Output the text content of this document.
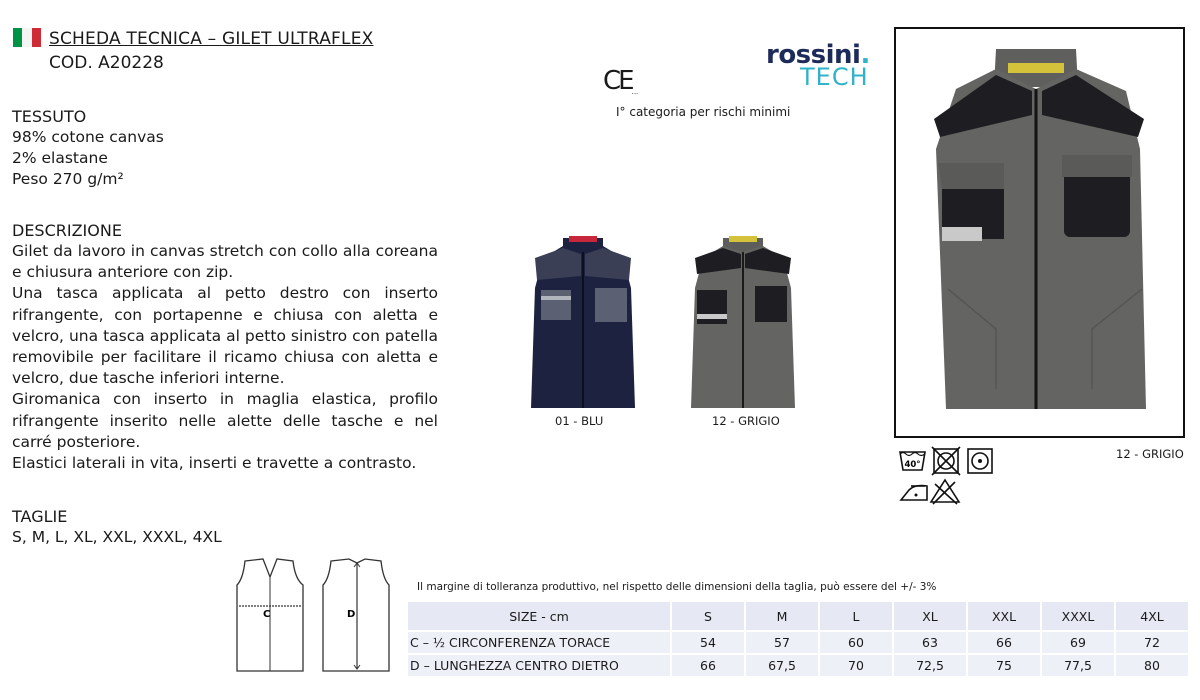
SCHEDA TECNICA – GILET ULTRAFLEX
COD. A20228
TESSUTO
98% cotone canvas
2% elastane
Peso 270 g/m²
DESCRIZIONE

Gilet da lavoro in canvas stretch con collo alla coreana e chiusura anteriore con zip.

Una tasca applicata al petto destro con inserto rifrangente, con portapenne e chiusa con aletta e velcro, una tasca applicata al petto sinistro con patella removibile per facilitare il ricamo chiusa con aletta e velcro, due tasche inferiori interne.

Giromanica con inserto in maglia elastica, profilo rifrangente inserito nelle alette delle tasche e nel carré posteriore.

Elastici laterali in vita, inserti e travette a contrasto.

TAGLIE
S, M, L, XL, XXL, XXXL, 4XL
CE...
I° categoria per rischi minimi
rossini.
TECH
01 - BLU	12 - GRIGIO
12 - GRIGIO
40°
C	D
Il margine di tolleranza produttivo, nel rispetto delle dimensioni della taglia, può essere del +/- 3%
SIZE - cm	S	M	L	XL	XXL	XXXL	4XL
C – ½ CIRCONFERENZA TORACE	54	57	60	63	66	69	72
D – LUNGHEZZA CENTRO DIETRO	66	67,5	70	72,5	75	77,5	80
